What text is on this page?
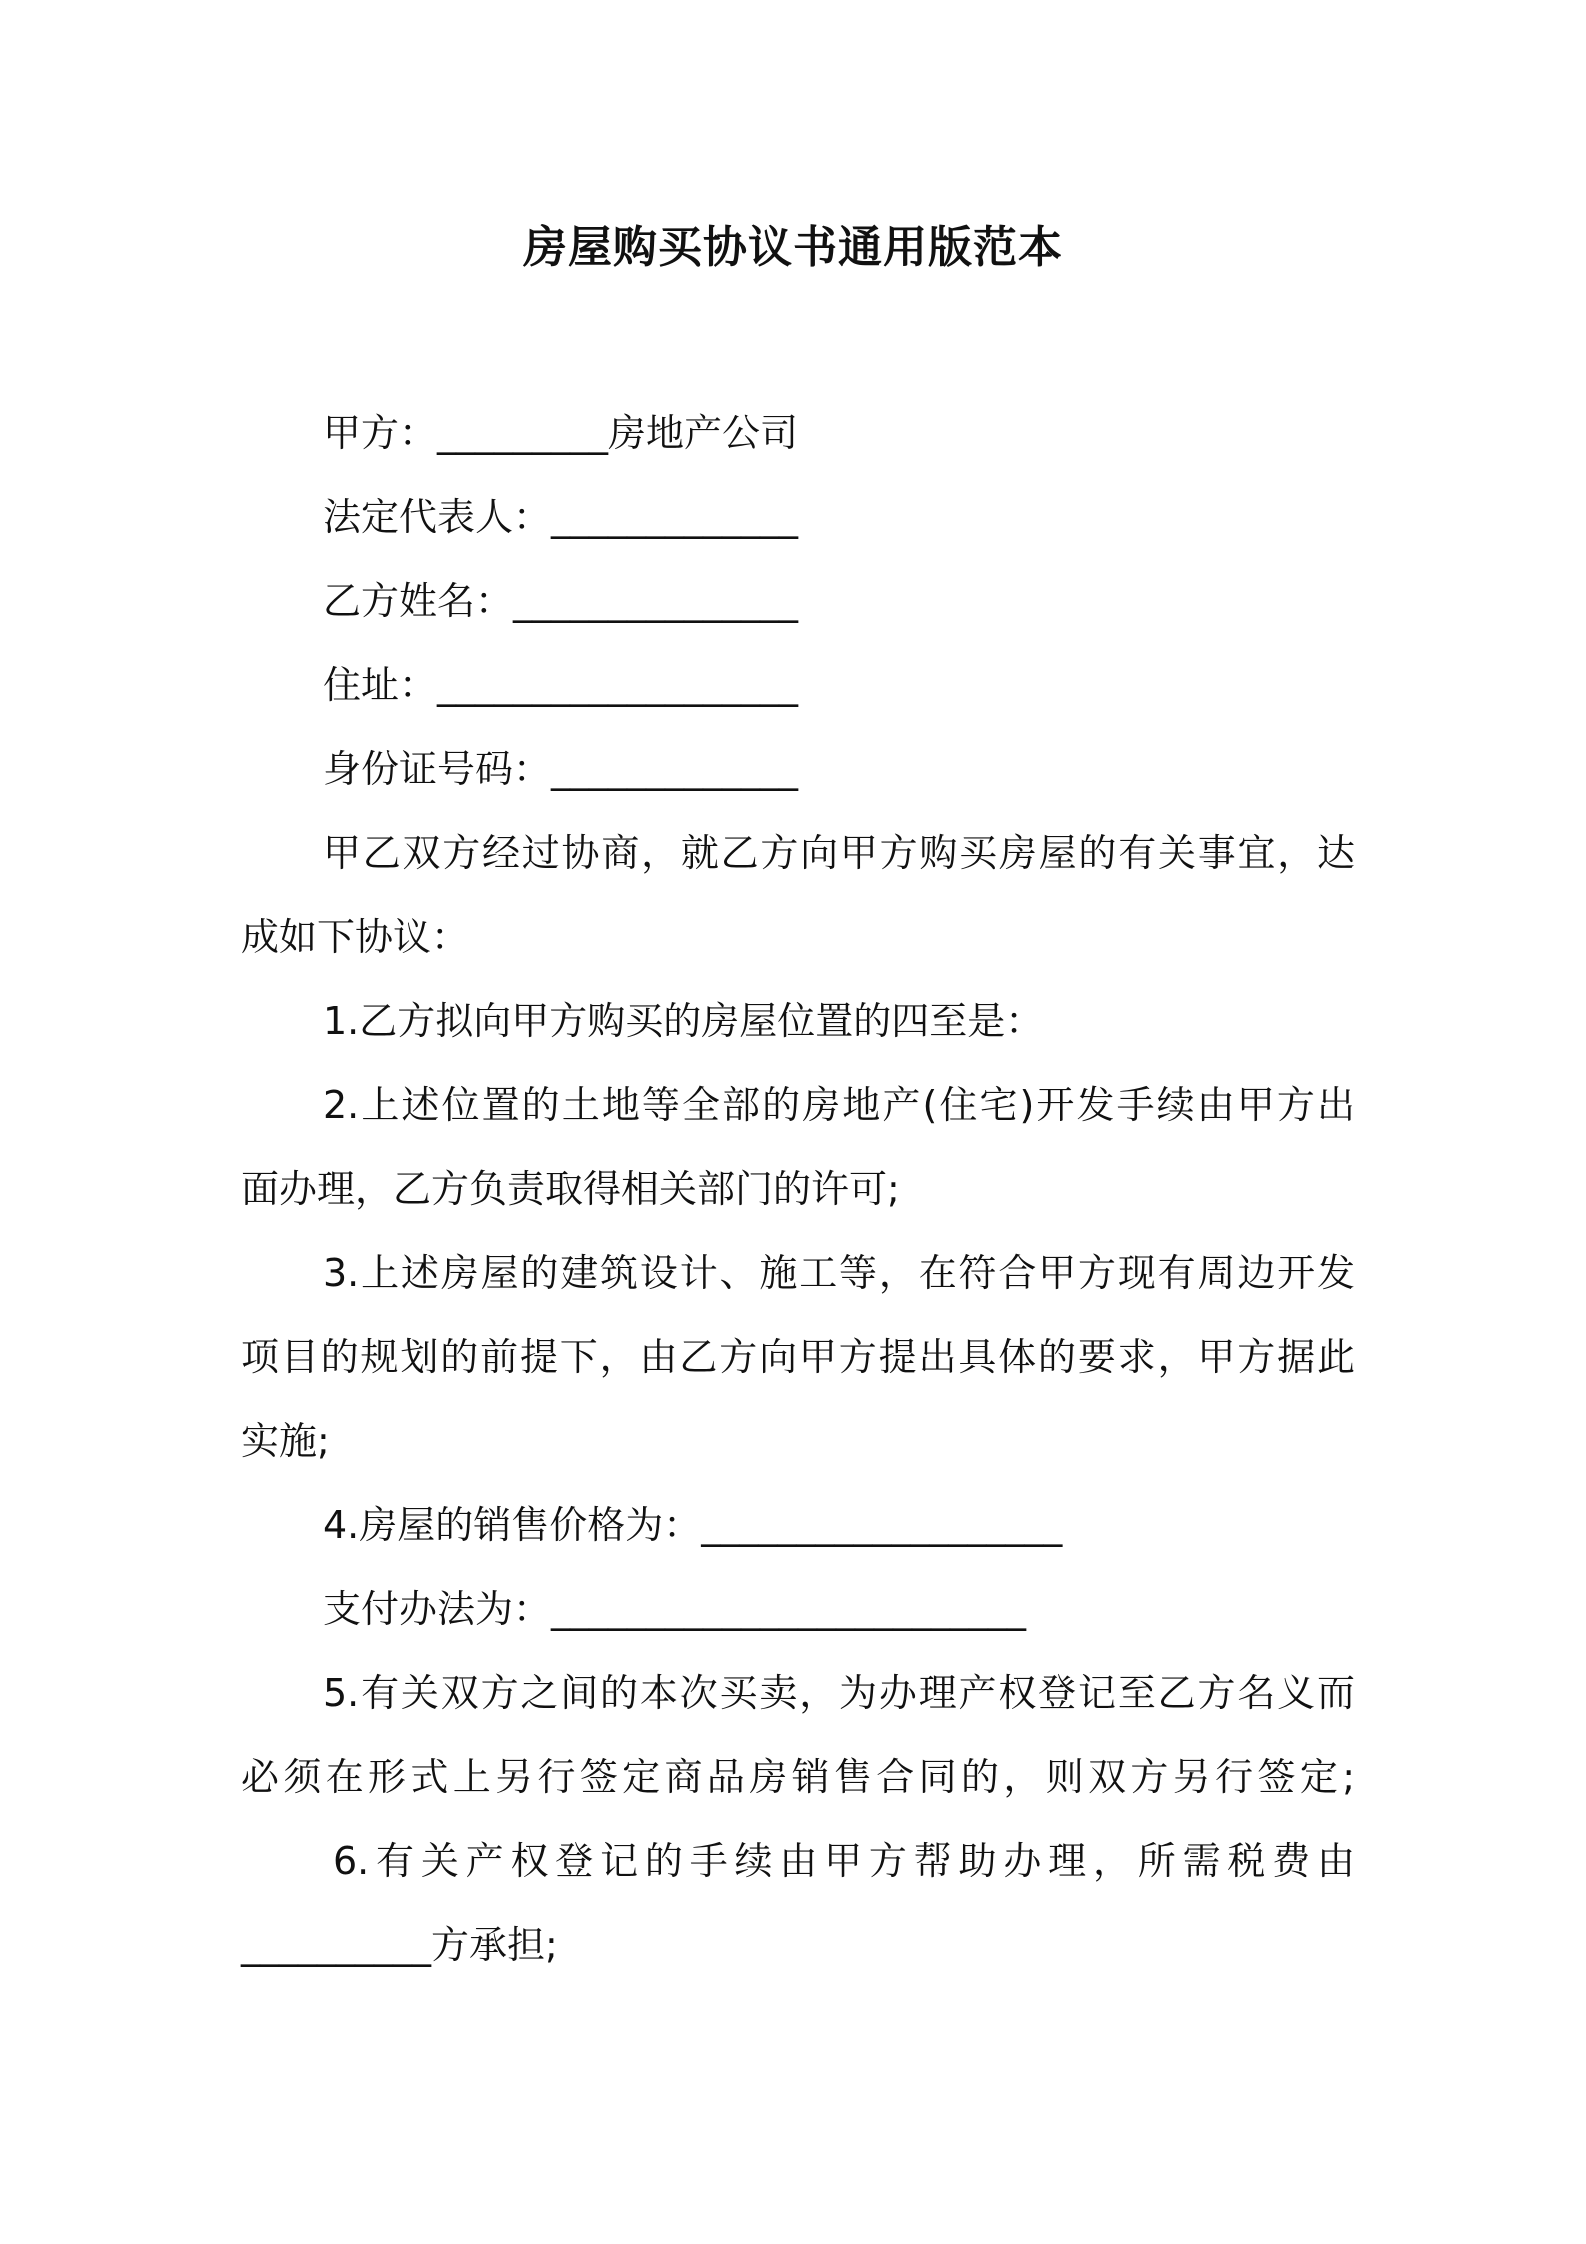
房屋购买协议书通用版范本
甲方：_________房地产公司
法定代表人：_____________
乙方姓名：_______________
住址：___________________
身份证号码：_____________
甲乙双方经过协商，就乙方向甲方购买房屋的有关事宜，达
成如下协议：
1.乙方拟向甲方购买的房屋位置的四至是：
2.上述位置的土地等全部的房地产(住宅)开发手续由甲方出
面办理，乙方负责取得相关部门的许可;
3.上述房屋的建筑设计、施工等，在符合甲方现有周边开发
项目的规划的前提下，由乙方向甲方提出具体的要求，甲方据此
实施;
4.房屋的销售价格为：___________________
支付办法为：_________________________
5.有关双方之间的本次买卖，为办理产权登记至乙方名义而
必须在形式上另行签定商品房销售合同的，则双方另行签定;
6.有关产权登记的手续由甲方帮助办理，所需税费由
__________方承担;
